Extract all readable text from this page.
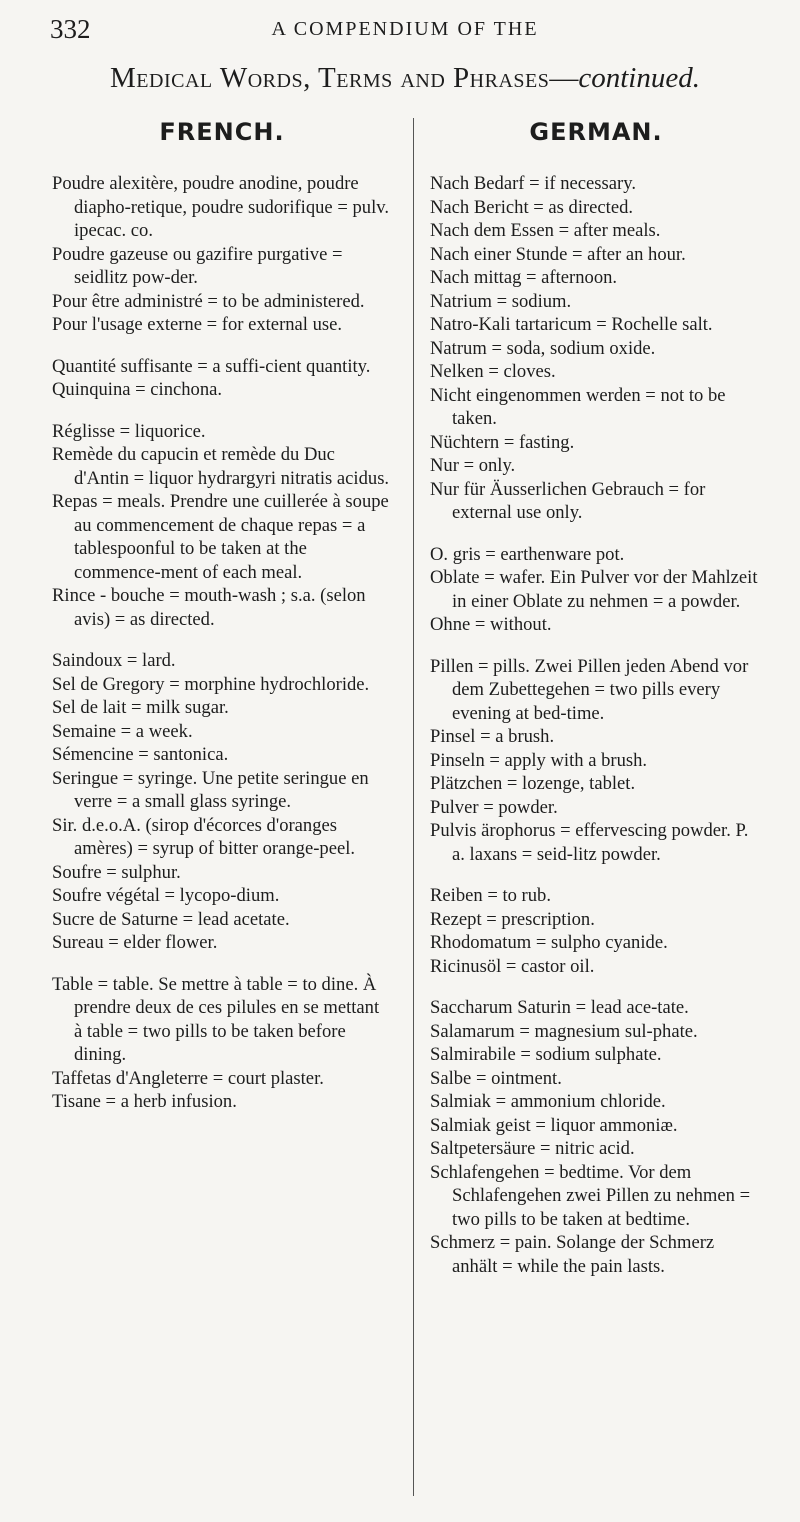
332	A COMPENDIUM OF THE
Medical Words, Terms and Phrases—continued.
FRENCH.

Poudre alexitère, poudre anodine, poudre diapho-retique, poudre sudorifique = pulv. ipecac. co.

Poudre gazeuse ou gazifire purgative = seidlitz pow-der.

Pour être administré = to be administered.

Pour l'usage externe = for external use.

Quantité suffisante = a suffi-cient quantity.

Quinquina = cinchona.

Réglisse = liquorice.

Remède du capucin et remède du Duc d'Antin = liquor hydrargyri nitratis acidus.

Repas = meals. Prendre une cuillerée à soupe au commencement de chaque repas = a tablespoonful to be taken at the commence-ment of each meal.

Rince - bouche = mouth-wash ; s.a. (selon avis) = as directed.

Saindoux = lard.

Sel de Gregory = morphine hydrochloride.

Sel de lait = milk sugar.

Semaine = a week.

Sémencine = santonica.

Seringue = syringe. Une petite seringue en verre = a small glass syringe.

Sir. d.e.o.A. (sirop d'écorces d'oranges amères) = syrup of bitter orange-peel.

Soufre = sulphur.

Soufre végétal = lycopo-dium.

Sucre de Saturne = lead acetate.

Sureau = elder flower.

Table = table. Se mettre à table = to dine. À prendre deux de ces pilules en se mettant à table = two pills to be taken before dining.

Taffetas d'Angleterre = court plaster.

Tisane = a herb infusion.

GERMAN.

Nach Bedarf = if necessary.

Nach Bericht = as directed.

Nach dem Essen = after meals.

Nach einer Stunde = after an hour.

Nach mittag = afternoon.

Natrium = sodium.

Natro-Kali tartaricum = Rochelle salt.

Natrum = soda, sodium oxide.

Nelken = cloves.

Nicht eingenommen werden = not to be taken.

Nüchtern = fasting.

Nur = only.

Nur für Äusserlichen Gebrauch = for external use only.

O. gris = earthenware pot.

Oblate = wafer. Ein Pulver vor der Mahlzeit in einer Oblate zu nehmen = a powder.

Ohne = without.

Pillen = pills. Zwei Pillen jeden Abend vor dem Zubettegehen = two pills every evening at bed-time.

Pinsel = a brush.

Pinseln = apply with a brush.

Plätzchen = lozenge, tablet.

Pulver = powder.

Pulvis ärophorus = effervescing powder. P. a. laxans = seid-litz powder.

Reiben = to rub.

Rezept = prescription.

Rhodomatum = sulpho cyanide.

Ricinusöl = castor oil.

Saccharum Saturin = lead ace-tate.

Salamarum = magnesium sul-phate.

Salmirabile = sodium sulphate.

Salbe = ointment.

Salmiak = ammonium chloride.

Salmiak geist = liquor ammoniæ.

Saltpetersäure = nitric acid.

Schlafengehen = bedtime. Vor dem Schlafengehen zwei Pillen zu nehmen = two pills to be taken at bedtime.

Schmerz = pain. Solange der Schmerz anhält = while the pain lasts.
